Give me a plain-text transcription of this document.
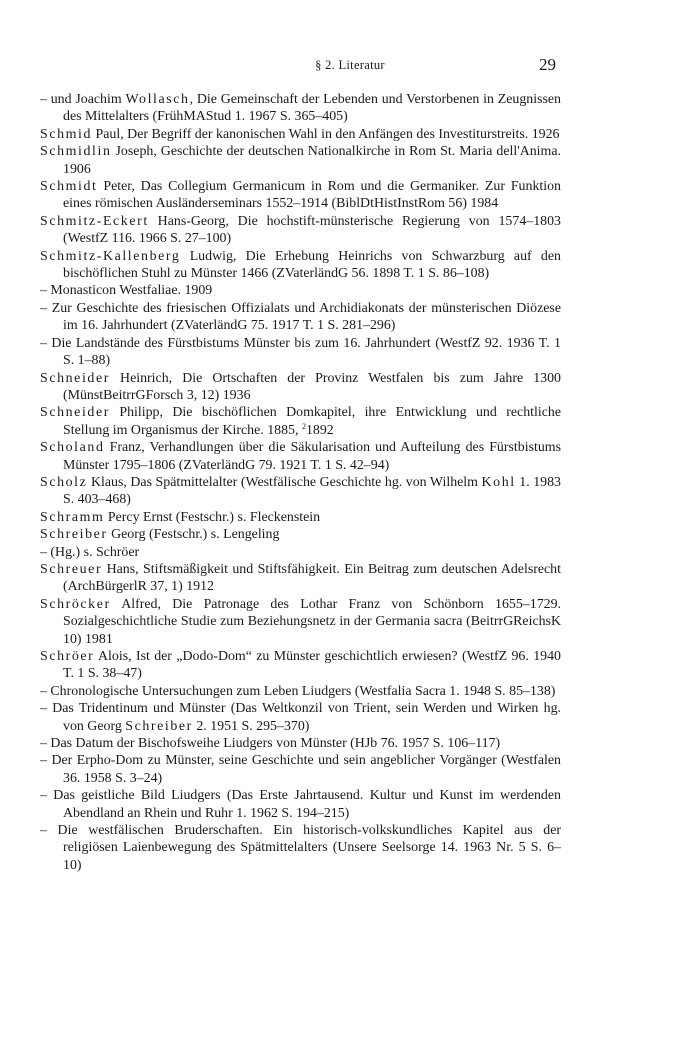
§ 2. Literatur	29

– und Joachim Wollasch, Die Gemeinschaft der Lebenden und Verstorbenen in Zeugnissen des Mittelalters (FrühMAStud 1. 1967 S. 365–405)

Schmid Paul, Der Begriff der kanonischen Wahl in den Anfängen des Investiturstreits. 1926

Schmidlin Joseph, Geschichte der deutschen Nationalkirche in Rom St. Maria dell'Anima. 1906

Schmidt Peter, Das Collegium Germanicum in Rom und die Germaniker. Zur Funktion eines römischen Ausländerseminars 1552–1914 (BiblDtHistInstRom 56) 1984

Schmitz-Eckert Hans-Georg, Die hochstift-münsterische Regierung von 1574–1803 (WestfZ 116. 1966 S. 27–100)

Schmitz-Kallenberg Ludwig, Die Erhebung Heinrichs von Schwarzburg auf den bischöflichen Stuhl zu Münster 1466 (ZVaterländG 56. 1898 T. 1 S. 86–108)

– Monasticon Westfaliae. 1909

– Zur Geschichte des friesischen Offizialats und Archidiakonats der münsterischen Diözese im 16. Jahrhundert (ZVaterländG 75. 1917 T. 1 S. 281–296)

– Die Landstände des Fürstbistums Münster bis zum 16. Jahrhundert (WestfZ 92. 1936 T. 1 S. 1–88)

Schneider Heinrich, Die Ortschaften der Provinz Westfalen bis zum Jahre 1300 (MünstBeitrrGForsch 3, 12) 1936

Schneider Philipp, Die bischöflichen Domkapitel, ihre Entwicklung und rechtliche Stellung im Organismus der Kirche. 1885, $^2$1892

Scholand Franz, Verhandlungen über die Säkularisation und Aufteilung des Fürstbistums Münster 1795–1806 (ZVaterländG 79. 1921 T. 1 S. 42–94)

Scholz Klaus, Das Spätmittelalter (Westfälische Geschichte hg. von Wilhelm Kohl 1. 1983 S. 403–468)

Schramm Percy Ernst (Festschr.) s. Fleckenstein

Schreiber Georg (Festschr.) s. Lengeling

– (Hg.) s. Schröer

Schreuer Hans, Stiftsmäßigkeit und Stiftsfähigkeit. Ein Beitrag zum deutschen Adelsrecht (ArchBürgerlR 37, 1) 1912

Schröcker Alfred, Die Patronage des Lothar Franz von Schönborn 1655–1729. Sozialgeschichtliche Studie zum Beziehungsnetz in der Germania sacra (BeitrrGReichsK 10) 1981

Schröer Alois, Ist der „Dodo-Dom“ zu Münster geschichtlich erwiesen? (WestfZ 96. 1940 T. 1 S. 38–47)

– Chronologische Untersuchungen zum Leben Liudgers (Westfalia Sacra 1. 1948 S. 85–138)

– Das Tridentinum und Münster (Das Weltkonzil von Trient, sein Werden und Wirken hg. von Georg Schreiber 2. 1951 S. 295–370)

– Das Datum der Bischofsweihe Liudgers von Münster (HJb 76. 1957 S. 106–117)

– Der Erpho-Dom zu Münster, seine Geschichte und sein angeblicher Vorgänger (Westfalen 36. 1958 S. 3–24)

– Das geistliche Bild Liudgers (Das Erste Jahrtausend. Kultur und Kunst im werdenden Abendland an Rhein und Ruhr 1. 1962 S. 194–215)

– Die westfälischen Bruderschaften. Ein historisch-volkskundliches Kapitel aus der religiösen Laienbewegung des Spätmittelalters (Unsere Seelsorge 14. 1963 Nr. 5 S. 6–10)
